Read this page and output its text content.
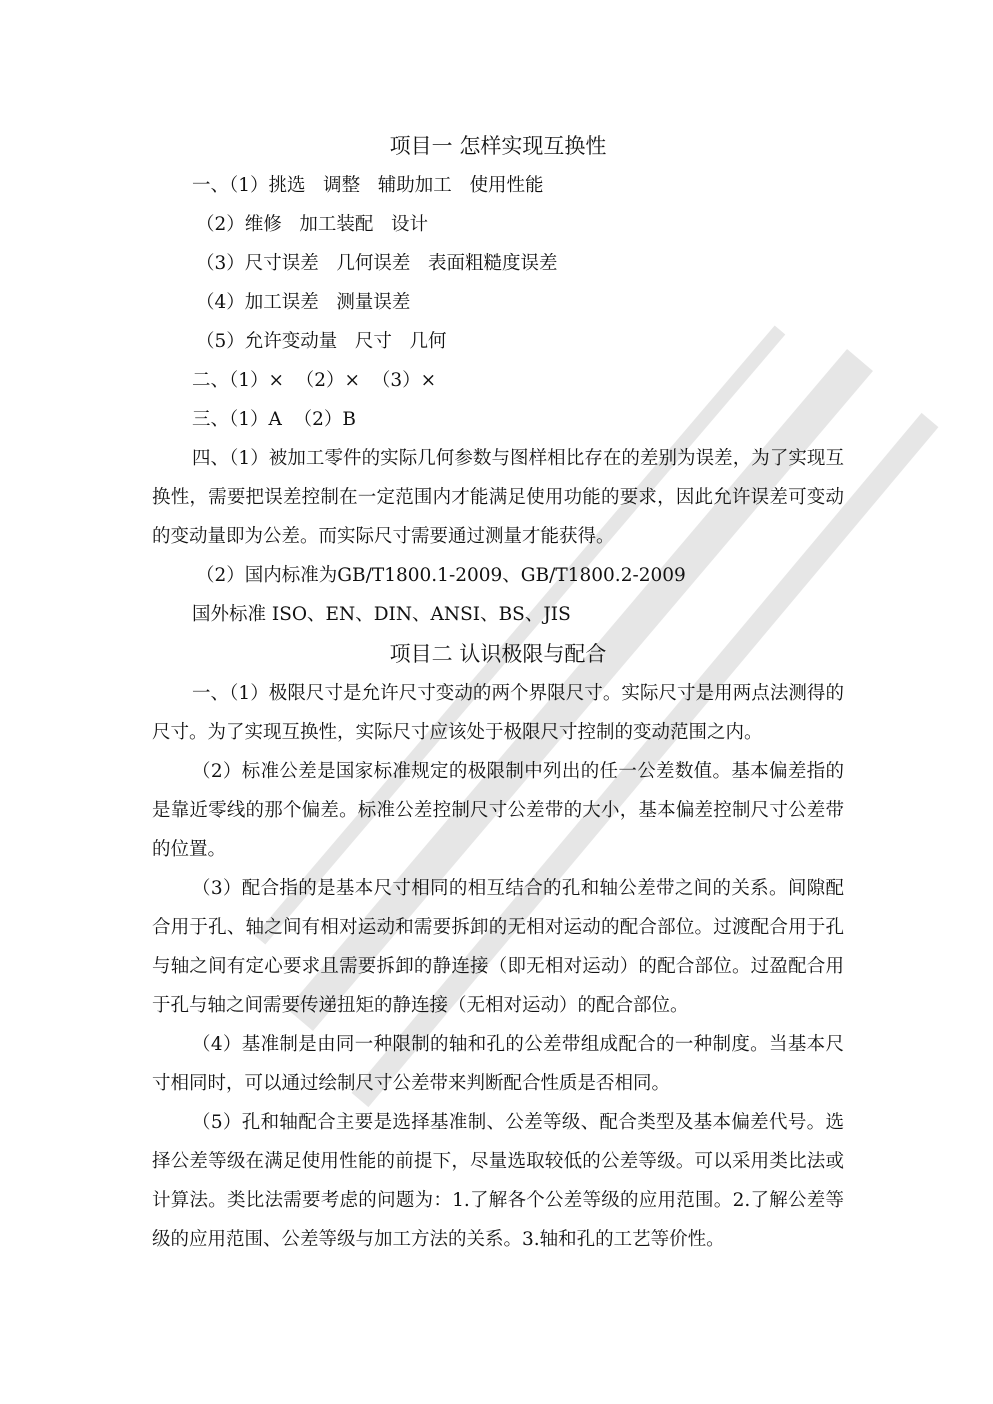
项目一 怎样实现互换性

一、（1）挑选   调整   辅助加工   使用性能

（2）维修   加工装配   设计

（3）尺寸误差   几何误差   表面粗糙度误差

（4）加工误差   测量误差

（5）允许变动量   尺寸   几何

二、（1）×  （2）×  （3）×

三、（1）A  （2）B

四、（1）被加工零件的实际几何参数与图样相比存在的差别为误差，为了实现互换性，需要把误差控制在一定范围内才能满足使用功能的要求，因此允许误差可变动的变动量即为公差。而实际尺寸需要通过测量才能获得。

（2）国内标准为GB/T1800.1-2009、GB/T1800.2-2009

国外标准 ISO、EN、DIN、ANSI、BS、JIS

项目二 认识极限与配合

一、（1）极限尺寸是允许尺寸变动的两个界限尺寸。实际尺寸是用两点法测得的尺寸。为了实现互换性，实际尺寸应该处于极限尺寸控制的变动范围之内。

（2）标准公差是国家标准规定的极限制中列出的任一公差数值。基本偏差指的是靠近零线的那个偏差。标准公差控制尺寸公差带的大小，基本偏差控制尺寸公差带的位置。

（3）配合指的是基本尺寸相同的相互结合的孔和轴公差带之间的关系。间隙配合用于孔、轴之间有相对运动和需要拆卸的无相对运动的配合部位。过渡配合用于孔与轴之间有定心要求且需要拆卸的静连接（即无相对运动）的配合部位。过盈配合用于孔与轴之间需要传递扭矩的静连接（无相对运动）的配合部位。

（4）基准制是由同一种限制的轴和孔的公差带组成配合的一种制度。当基本尺寸相同时，可以通过绘制尺寸公差带来判断配合性质是否相同。

（5）孔和轴配合主要是选择基准制、公差等级、配合类型及基本偏差代号。选择公差等级在满足使用性能的前提下，尽量选取较低的公差等级。可以采用类比法或计算法。类比法需要考虑的问题为：1.了解各个公差等级的应用范围。2.了解公差等级的应用范围、公差等级与加工方法的关系。3.轴和孔的工艺等价性。
